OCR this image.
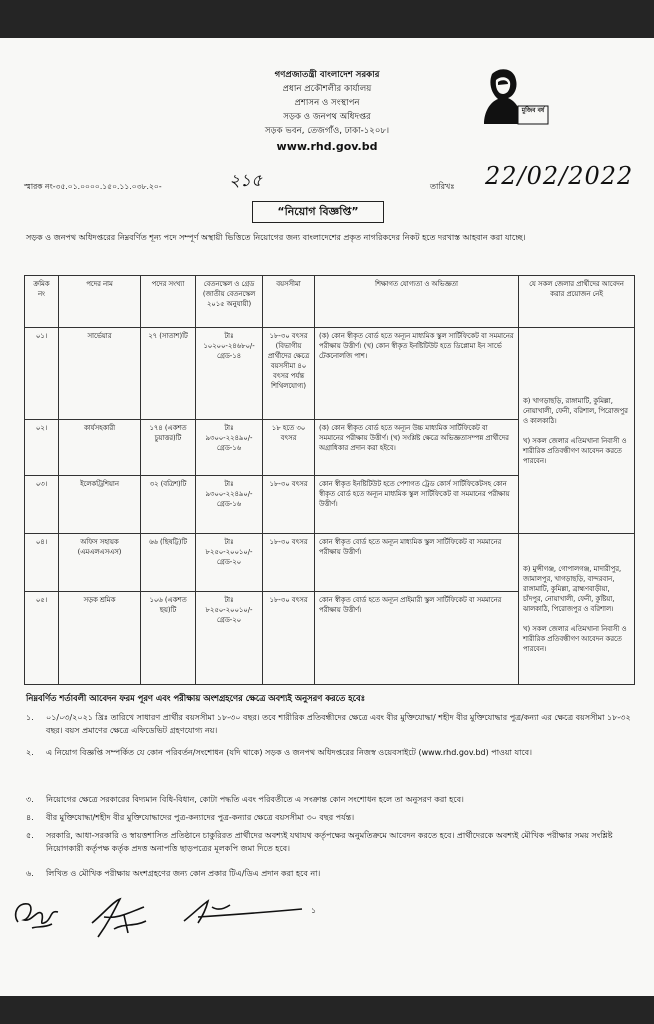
গণপ্রজাতন্ত্রী বাংলাদেশ সরকার
প্রধান প্রকৌশলীর কার্যালয়
প্রশাসন ও সংস্থাপন
সড়ক ও জনপথ অধিদপ্তর
সড়ক ভবন, তেজগাঁও, ঢাকা-১২০৮।
www.rhd.gov.bd
মুজিব বর্ষ
স্মারক নং-৩৫.০১.০০০০.১৫০.১১.০৩৮.২০-	২১৫	তারিখঃ 22/02/2022
“নিয়োগ বিজ্ঞপ্তি”
সড়ক ও জনপথ অধিদপ্তরের নিম্নবর্ণিত শূন্য পদে সম্পূর্ণ অস্থায়ী ভিত্তিতে নিয়োগের জন্য বাংলাদেশের প্রকৃত নাগরিকদের নিকট হতে দরখাস্ত আহবান করা যাচ্ছে।
ক্রমিক নং	পদের নাম	পদের সংখ্যা	বেতনস্কেল ও গ্রেড (জাতীয় বেতনস্কেল ২০১৫ অনুযায়ী)	বয়সসীমা	শিক্ষাগত যোগ্যতা ও অভিজ্ঞতা	যে সকল জেলার প্রার্থীদের আবেদন করার প্রয়োজন নেই
০১।	সার্ভেয়ার	২৭ (সাতাশ)টি	টাঃ ১০২০০-২৪৬৮০/- গ্রেড-১৪	১৮-৩০ বৎসর (বিভাগীয় প্রার্থীদের ক্ষেত্রে বয়সসীমা ৪০ বৎসর পর্যন্ত শিথিলযোগ্য)	(ক) কোন স্বীকৃত বোর্ড হতে অন্যূন মাধ্যমিক স্কুল সার্টিফিকেট বা সমমানের পরীক্ষায় উত্তীর্ণ। (খ) কোন স্বীকৃত ইনষ্টিটিউট হতে ডিপ্লোমা ইন সার্ভে টেকনোলজি পাশ।	ক) খাগড়াছড়ি, রাঙ্গামাটি, কুমিল্লা, নোয়াখালী, ফেনী, বরিশাল, পিরোজপুর ও কালকাঠি।
খ) সকল জেলার এতিমখানা নিবাসী ও শারীরিক প্রতিবন্ধীগণ আবেদন করতে পারবেন।

০২।	কার্যসহকারী	১৭৪ (একশত চুয়াত্তর)টি	টাঃ ৯৩০০-২২৪৯০/- গ্রেড-১৬	১৮ হতে ৩০ বৎসর	(ক) কোন স্বীকৃত বোর্ড হতে অন্যূন উচ্চ মাধ্যমিক সার্টিফিকেট বা সমমানের পরীক্ষায় উত্তীর্ণ। (খ) সংশ্লিষ্ট ক্ষেত্রে অভিজ্ঞতাসম্পন্ন প্রার্থীদের অগ্রাধিকার প্রদান করা হইবে।	
০৩।	ইলেকট্রিশিয়ান	৩২ (বত্রিশ)টি	টাঃ ৯৩০০-২২৪৯০/- গ্রেড-১৬	১৮-৩০ বৎসর	কোন স্বীকৃত ইনষ্টিটিউট হতে পেশাগত ট্রেড কোর্স সার্টিফিকেটসহ কোন স্বীকৃত বোর্ড হতে অন্যূন মাধ্যমিক স্কুল সার্টিফিকেট বা সমমানের পরীক্ষায় উত্তীর্ণ।	
০৪।	অফিস সহায়ক (এমএলএসএস)	৬৬ (ছিষট্টি)টি	টাঃ ৮২৫০-২০০১০/- গ্রেড-২০	১৮-৩০ বৎসর	কোন স্বীকৃত বোর্ড হতে অন্যূন মাধ্যমিক স্কুল সার্টিফিকেট বা সমমানের পরীক্ষায় উত্তীর্ণ।	ক) মুন্সীগঞ্জ, গোপালগঞ্জ, মাদারীপুর, জামালপুর, খাগড়াছড়ি, বান্দরবান, রাঙ্গামাটি, কুমিল্লা, ব্রাহ্মণবাড়ীয়া, চাঁদপুর, নোয়াখালী, ফেনী, কুষ্টিয়া, ঝালকাঠি, পিরোজপুর ও বরিশাল।
খ) সকল জেলার এতিমখানা নিবাসী ও শারীরিক প্রতিবন্ধীগণ আবেদন করতে পারবেন।

০৫।	সড়ক শ্রমিক	১০৬ (একশত ছয়)টি	টাঃ ৮২৫০-২০০১০/- গ্রেড-২০	১৮-৩০ বৎসর	কোন স্বীকৃত বোর্ড হতে অন্যূন প্রাইমারী স্কুল সার্টিফিকেট বা সমমানের পরীক্ষায় উত্তীর্ণ।	
নিম্নবর্ণিত শর্তাবলী আবেদন ফরম পূরণ এবং পরীক্ষায় অংশগ্রহণের ক্ষেত্রে অবশ্যই অনুসরণ করতে হবেঃ
১.	০১/০৩/২০২১ খ্রিঃ তারিখে সাধারণ প্রার্থীর বয়সসীমা ১৮-৩০ বছর। তবে শারীরিক প্রতিবন্ধীদের ক্ষেত্রে এবং বীর মুক্তিযোদ্ধা/ শহীদ বীর মুক্তিযোদ্ধার পুত্র/কন্যা এর ক্ষেত্রে বয়সসীমা ১৮-৩২ বছর। বয়স প্রমাণের ক্ষেত্রে এফিডেভিট গ্রহণযোগ্য নয়।
২.	এ নিয়োগ বিজ্ঞপ্তি সম্পর্কিত যে কোন পরিবর্তন/সংশোধন (যদি থাকে) সড়ক ও জনপথ অধিদপ্তরের নিজস্ব ওয়েবসাইটে (www.rhd.gov.bd) পাওয়া যাবে।
৩.	নিয়োগের ক্ষেত্রে সরকারের বিদ্যমান বিধি-বিধান, কোটা পদ্ধতি এবং পরিবর্তীতে এ সংক্রান্ত কোন সংশোধন হলে তা অনুসরণ করা হবে।
৪.	বীর মুক্তিযোদ্ধা/শহীদ বীর মুক্তিযোদ্ধাদের পুত্র-কন্যাদের পুত্র-কন্যার ক্ষেত্রে বয়সসীমা ৩০ বছর পর্যন্ত।
৫.	সরকারি, আধা-সরকারি ও স্বায়ত্তশাসিত প্রতিষ্ঠানে চাকুরিরত প্রার্থীদের অবশ্যই যথাযথ কর্তৃপক্ষের অনুমতিক্রমে আবেদন করতে হবে। প্রার্থীদেরকে অবশ্যই মৌখিক পরীক্ষার সময় সংশ্লিষ্ট নিয়োগকারী কর্তৃপক্ষ কর্তৃক প্রদত্ত অনাপত্তি ছাড়পত্রের মূলকপি জমা দিতে হবে।
৬.	লিখিত ও মৌখিক পরীক্ষায় অংশগ্রহণের জন্য কোন প্রকার টিএ/ডিএ প্রদান করা হবে না।
১
